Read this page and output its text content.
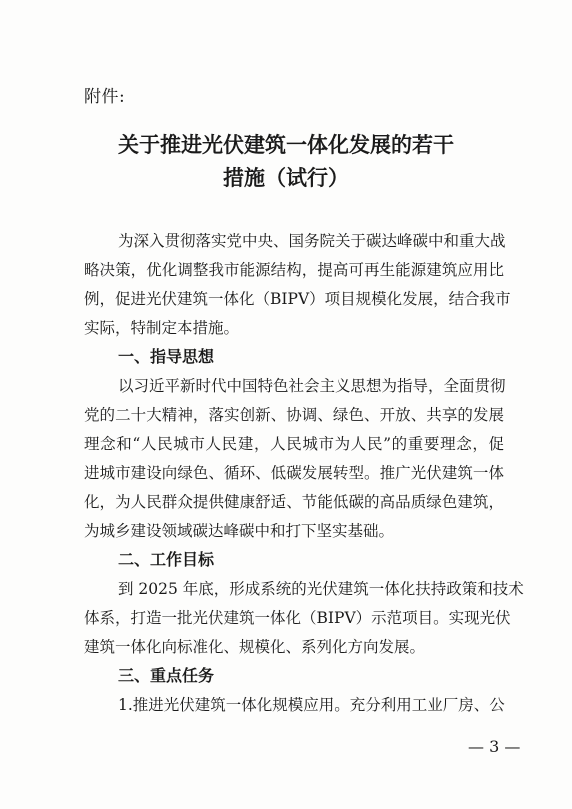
附件:
关于推进光伏建筑一体化发展的若干
措施（试行）
为深入贯彻落实党中央、国务院关于碳达峰碳中和重大战
略决策，优化调整我市能源结构，提高可再生能源建筑应用比
例，促进光伏建筑一体化（BIPV）项目规模化发展，结合我市
实际，特制定本措施。
一、指导思想
以习近平新时代中国特色社会主义思想为指导，全面贯彻
党的二十大精神，落实创新、协调、绿色、开放、共享的发展
理念和“人民城市人民建，人民城市为人民”的重要理念，促
进城市建设向绿色、循环、低碳发展转型。推广光伏建筑一体
化，为人民群众提供健康舒适、节能低碳的高品质绿色建筑，
为城乡建设领域碳达峰碳中和打下坚实基础。
二、工作目标
到 2025 年底，形成系统的光伏建筑一体化扶持政策和技术
体系，打造一批光伏建筑一体化（BIPV）示范项目。实现光伏
建筑一体化向标准化、规模化、系列化方向发展。
三、重点任务
1.推进光伏建筑一体化规模应用。充分利用工业厂房、公
— 3 —
